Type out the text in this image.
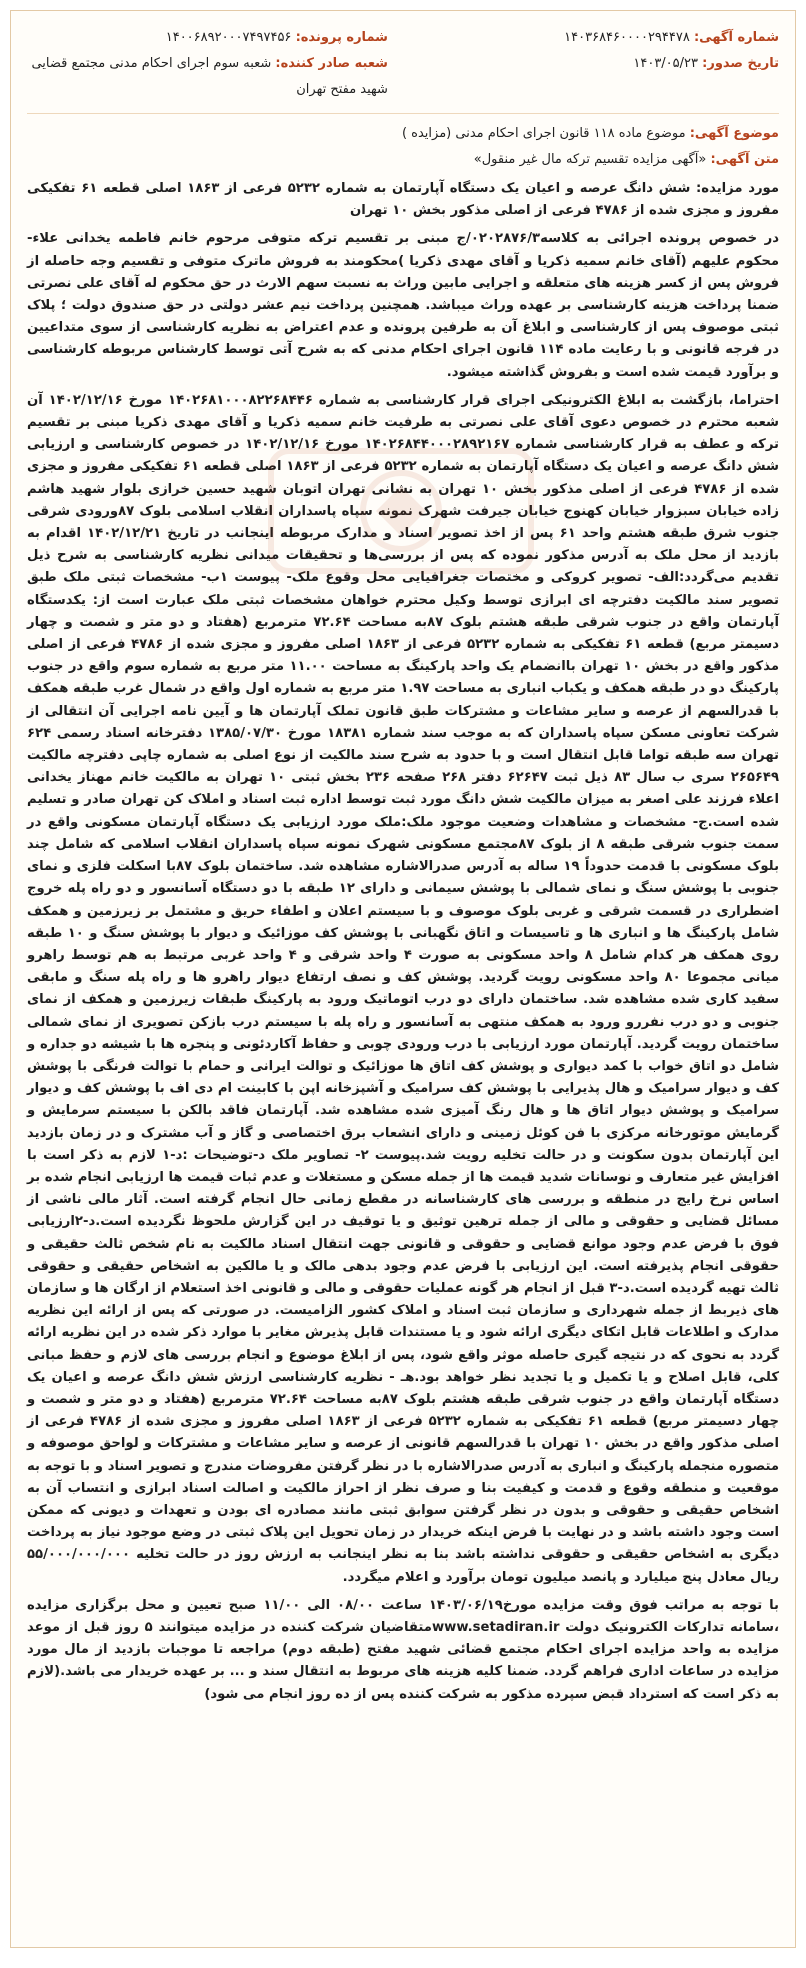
شماره آگهی: ۱۴۰۳۶۸۴۶۰۰۰۰۲۹۴۴۷۸
شماره پرونده: ۱۴۰۰۶۸۹۲۰۰۰۷۴۹۷۴۵۶
تاریخ صدور: ۱۴۰۳/۰۵/۲۳
شعبه صادر کننده: شعبه سوم اجرای احکام مدنی مجتمع قضایی شهید مفتح تهران
موضوع آگهی: موضوع ماده ۱۱۸ قانون اجرای احکام مدنی (مزایده )
متن آگهی: «آگهی مزایده تقسیم ترکه مال غیر منقول»

مورد مزایده: شش دانگ عرصه و اعیان یک دستگاه آپارتمان به شماره ۵۲۳۲ فرعی از ۱۸۶۳ اصلی قطعه ۶۱ تفکیکی مفروز و مجزی شده از ۴۷۸۶ فرعی از اصلی مذکور بخش ۱۰ تهران

در خصوص پرونده اجرائی به کلاسه۰۲۰۲۸۷۶/۳/ج مبنی بر تقسیم ترکه متوفی مرحوم خانم فاطمه یخدانی علاء- محکوم علیهم (آقای خانم سمیه ذکریا و آقای مهدی ذکریا )محکومند به فروش ماترک متوفی و تقسیم وجه حاصله از فروش پس از کسر هزینه های متعلقه و اجرایی مابین وراث به نسبت سهم الارث در حق محکوم له آقای علی نصرتی ضمنا پرداخت هزینه کارشناسی بر عهده وراث میباشد. همچنین پرداخت نیم عشر دولتی در حق صندوق دولت ؛ پلاک ثبتی موصوف پس از کارشناسی و ابلاغ آن به طرفین پرونده و عدم اعتراض به نظریه کارشناسی از سوی متداعیین در فرجه قانونی و با رعایت ماده ۱۱۴ قانون اجرای احکام مدنی که به شرح آتی توسط کارشناس مربوطه کارشناسی و برآورد قیمت شده است و بفروش گذاشته میشود.

احتراما، بازگشت به ابلاغ الکترونیکی اجرای قرار کارشناسی به شماره ۱۴۰۲۶۸۱۰۰۰۸۲۲۶۸۴۴۶ مورخ ۱۴۰۲/۱۲/۱۶ آن شعبه محترم در خصوص دعوی آقای علی نصرتی به طرفیت خانم سمیه ذکریا و آقای مهدی ذکریا مبنی بر تقسیم ترکه و عطف به قرار کارشناسی شماره ۱۴۰۲۶۸۴۴۰۰۰۲۸۹۲۱۶۷ مورخ ۱۴۰۲/۱۲/۱۶ در خصوص کارشناسی و ارزیابی شش دانگ عرصه و اعیان یک دستگاه آپارتمان به شماره ۵۲۳۲ فرعی از ۱۸۶۳ اصلی قطعه ۶۱ تفکیکی مفروز و مجزی شده از ۴۷۸۶ فرعی از اصلی مذکور بخش ۱۰ تهران به نشانی تهران اتوبان شهید حسین خرازی بلوار شهید هاشم زاده خیابان سبزوار خیابان کهنوج خیابان جیرفت شهرک نمونه سپاه پاسداران انقلاب اسلامی بلوک ۸۷ورودی شرقی جنوب شرق طبقه هشتم واحد ۶۱ پس از اخذ تصویر اسناد و مدارک مربوطه اینجانب در تاریخ ۱۴۰۲/۱۲/۲۱ اقدام به بازدید از محل ملک به آدرس مذکور نموده که پس از بررسی‌ها و تحقیقات میدانی نظریه کارشناسی به شرح ذیل تقدیم می‌گردد:الف- تصویر کروکی و مختصات جغرافیایی محل وقوع ملک- پیوست ۱ب- مشخصات ثبتی ملک طبق تصویر سند مالکیت دفترچه ای ابرازی توسط وکیل محترم خواهان مشخصات ثبتی ملک عبارت است از: یکدستگاه آپارتمان واقع در جنوب شرقی طبقه هشتم بلوک ۸۷به مساحت ۷۲.۶۴ مترمربع (هفتاد و دو متر و شصت و چهار دسیمتر مربع) قطعه ۶۱ تفکیکی به شماره ۵۲۳۲ فرعی از ۱۸۶۳ اصلی مفروز و مجزی شده از ۴۷۸۶ فرعی از اصلی مذکور واقع در بخش ۱۰ تهران باانضمام یک واحد پارکینگ به مساحت ۱۱.۰۰ متر مربع به شماره سوم واقع در جنوب پارکینگ دو در طبقه همکف و یکباب انباری به مساحت ۱.۹۷ متر مربع به شماره اول واقع در شمال غرب طبقه همکف با قدرالسهم از عرصه و سایر مشاعات و مشترکات طبق قانون تملک آپارتمان ها و آیین نامه اجرایی آن انتقالی از شرکت تعاونی مسکن سپاه پاسداران که به موجب سند شماره ۱۸۳۸۱ مورخ ۱۳۸۵/۰۷/۳۰ دفترخانه اسناد رسمی ۶۲۴ تهران سه طبقه تواما قابل انتقال است و با حدود به شرح سند مالکیت از نوع اصلی به شماره چاپی دفترچه مالکیت ۲۶۵۶۴۹ سری ب سال ۸۳ ذیل ثبت ۶۲۶۴۷ دفتر ۲۶۸ صفحه ۲۳۶ بخش ثبتی ۱۰ تهران به مالکیت خانم مهناز یخدانی اعلاء فرزند علی اصغر به میزان مالکیت شش دانگ مورد ثبت توسط اداره ثبت اسناد و املاک کن تهران صادر و تسلیم شده است.ج- مشخصات و مشاهدات وضعیت موجود ملک:ملک مورد ارزیابی یک دستگاه آپارتمان مسکونی واقع در سمت جنوب شرقی طبقه ۸ از بلوک ۸۷مجتمع مسکونی شهرک نمونه سپاه پاسداران انقلاب اسلامی که شامل چند بلوک مسکونی با قدمت حدوداً ۱۹ ساله به آدرس صدرالاشاره مشاهده شد. ساختمان بلوک ۸۷با اسکلت فلزی و نمای جنوبی با پوشش سنگ و نمای شمالی با پوشش سیمانی و دارای ۱۲ طبقه با دو دستگاه آسانسور و دو راه پله خروج اضطراری در قسمت شرقی و غربی بلوک موصوف و با سیستم اعلان و اطفاء حریق و مشتمل بر زیرزمین و همکف شامل پارکینگ ها و انباری ها و تاسیسات و اتاق نگهبانی با پوشش کف موزائیک و دیوار با پوشش سنگ و ۱۰ طبقه روی همکف هر کدام شامل ۸ واحد مسکونی به صورت ۴ واحد شرقی و ۴ واحد غربی مرتبط به هم توسط راهرو میانی مجموعا ۸۰ واحد مسکونی رویت گردید. پوشش کف و نصف ارتفاع دیوار راهرو ها و راه پله سنگ و مابقی سفید کاری شده مشاهده شد. ساختمان دارای دو درب اتوماتیک ورود به پارکینگ طبقات زیرزمین و همکف از نمای جنوبی و دو درب نفررو ورود به همکف منتهی به آسانسور و راه پله با سیستم درب بازکن تصویری از نمای شمالی ساختمان رویت گردید. آپارتمان مورد ارزیابی با درب ورودی چوبی و حفاظ آکاردئونی و پنجره ها با شیشه دو جداره و شامل دو اتاق خواب با کمد دیواری و پوشش کف اتاق ها موزائیک و توالت ایرانی و حمام با توالت فرنگی با پوشش کف و دیوار سرامیک و هال پذیرایی با پوشش کف سرامیک و آشپزخانه اپن با کابینت ام دی اف با پوشش کف و دیوار سرامیک و پوشش دیوار اتاق ها و هال رنگ آمیزی شده مشاهده شد. آپارتمان فاقد بالکن با سیستم سرمایش و گرمایش موتورخانه مرکزی با فن کوئل زمینی و دارای انشعاب برق اختصاصی و گاز و آب مشترک و در زمان بازدید این آپارتمان بدون سکونت و در حالت تخلیه رویت شد.پیوست ۲- تصاویر ملک د-توضیحات :د-۱ لازم به ذکر است با افزایش غیر متعارف و نوسانات شدید قیمت ها از جمله مسکن و مستغلات و عدم ثبات قیمت ها ارزیابی انجام شده بر اساس نرخ رایج در منطقه و بررسی های کارشناسانه در مقطع زمانی حال انجام گرفته است. آثار مالی ناشی از مسائل قضایی و حقوقی و مالی از جمله ترهین توثیق و یا توقیف در این گزارش ملحوظ نگردیده است.د-۲ارزیابی فوق با فرض عدم وجود موانع قضایی و حقوقی و قانونی جهت انتقال اسناد مالکیت به نام شخص ثالث حقیقی و حقوقی انجام پذیرفته است. این ارزیابی با فرض عدم وجود بدهی مالک و یا مالکین به اشخاص حقیقی و حقوقی ثالث تهیه گردیده است.د-۳ قبل از انجام هر گونه عملیات حقوقی و مالی و قانونی اخذ استعلام از ارگان ها و سازمان های ذیربط از جمله شهرداری و سازمان ثبت اسناد و املاک کشور الزامیست. در صورتی که پس از ارائه این نظریه مدارک و اطلاعات قابل اتکای دیگری ارائه شود و یا مستندات قابل پذیرش مغایر با موارد ذکر شده در این نظریه ارائه گردد به نحوی که در نتیجه گیری حاصله موثر واقع شود، پس از ابلاغ موضوع و انجام بررسی های لازم و حفظ مبانی کلی، قابل اصلاح و یا تکمیل و یا تجدید نظر خواهد بود.هـ - نظریه کارشناسی ارزش شش دانگ عرصه و اعیان یک دستگاه آپارتمان واقع در جنوب شرقی طبقه هشتم بلوک ۸۷به مساحت ۷۲.۶۴ مترمربع (هفتاد و دو متر و شصت و چهار دسیمتر مربع) قطعه ۶۱ تفکیکی به شماره ۵۲۳۲ فرعی از ۱۸۶۳ اصلی مفروز و مجزی شده از ۴۷۸۶ فرعی از اصلی مذکور واقع در بخش ۱۰ تهران با قدرالسهم قانونی از عرصه و سایر مشاعات و مشترکات و لواحق موصوفه و متصوره منجمله پارکینگ و انباری به آدرس صدرالاشاره با در نظر گرفتن مفروضات مندرج و تصویر اسناد و با توجه به موقعیت و منطقه وقوع و قدمت و کیفیت بنا و صرف نظر از احراز مالکیت و اصالت اسناد ابرازی و انتساب آن به اشخاص حقیقی و حقوقی و بدون در نظر گرفتن سوابق ثبتی مانند مصادره ای بودن و تعهدات و دیونی که ممکن است وجود داشته باشد و در نهایت با فرض اینکه خریدار در زمان تحویل این پلاک ثبتی در وضع موجود نیاز به پرداخت دیگری به اشخاص حقیقی و حقوقی نداشته باشد بنا به نظر اینجانب به ارزش روز در حالت تخلیه ۵۵/۰۰۰/۰۰۰/۰۰۰ ریال معادل پنج میلیارد و پانصد میلیون تومان برآورد و اعلام میگردد.

با توجه به مراتب فوق وقت مزایده مورخ۱۴۰۳/۰۶/۱۹ ساعت ۰۸/۰۰ الی ۱۱/۰۰ صبح تعیین و محل برگزاری مزایده ،سامانه تدارکات الکترونیک دولت www.setadiran.irمتقاضیان شرکت کننده در مزایده میتوانند ۵ روز قبل از موعد مزایده به واحد مزایده اجرای احکام مجتمع قضائی شهید مفتح (طبقه دوم) مراجعه تا موجبات بازدید از مال مورد مزایده در ساعات اداری فراهم گردد. ضمنا کلیه هزینه های مربوط به انتقال سند و ... بر عهده خریدار می باشد.(لازم به ذکر است که استرداد قبض سپرده مذکور به شرکت کننده پس از ده روز انجام می شود)
